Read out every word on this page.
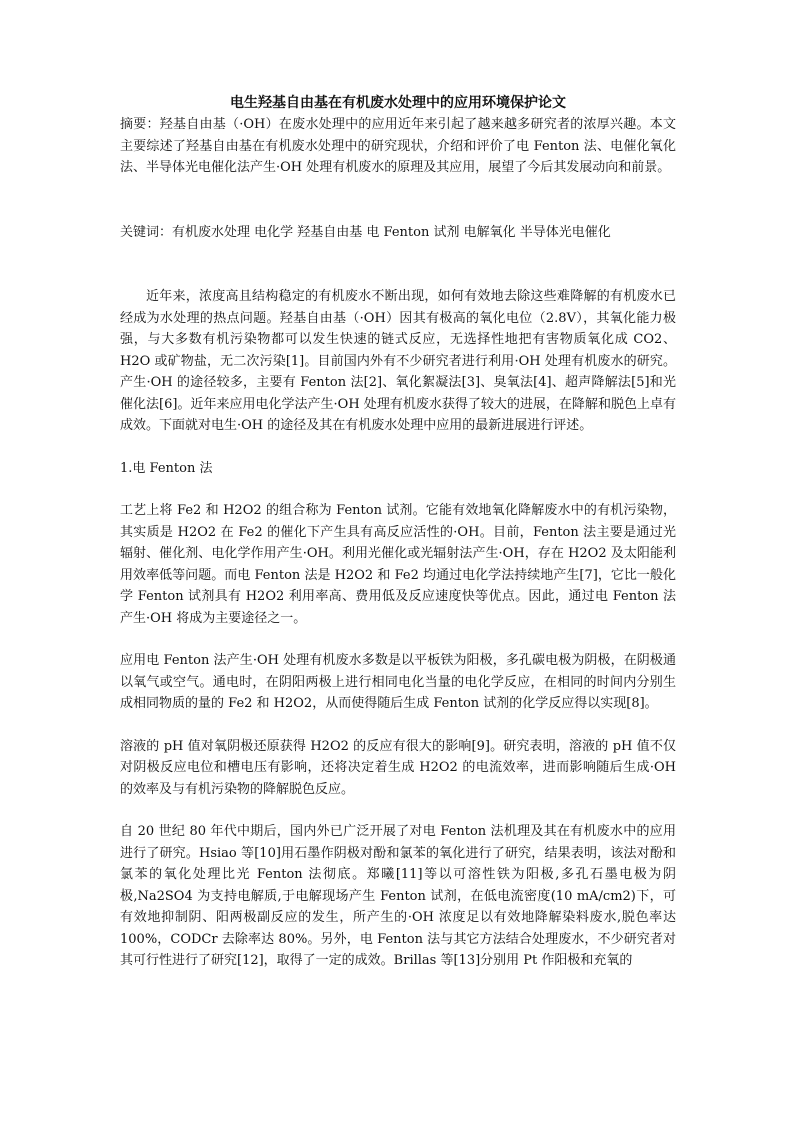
电生羟基自由基在有机废水处理中的应用环境保护论文

摘要：羟基自由基（·OH）在废水处理中的应用近年来引起了越来越多研究者的浓厚兴趣。本文主要综述了羟基自由基在有机废水处理中的研究现状，介绍和评价了电 Fenton 法、电催化氧化法、半导体光电催化法产生·OH 处理有机废水的原理及其应用，展望了今后其发展动向和前景。

关键词：有机废水处理 电化学 羟基自由基 电 Fenton 试剂 电解氧化 半导体光电催化

近年来，浓度高且结构稳定的有机废水不断出现，如何有效地去除这些难降解的有机废水已经成为水处理的热点问题。羟基自由基（·OH）因其有极高的氧化电位（2.8V），其氧化能力极强，与大多数有机污染物都可以发生快速的链式反应，无选择性地把有害物质氧化成 CO2、H2O 或矿物盐，无二次污染[1]。目前国内外有不少研究者进行利用·OH 处理有机废水的研究。产生·OH 的途径较多，主要有 Fenton 法[2]、氧化絮凝法[3]、臭氧法[4]、超声降解法[5]和光催化法[6]。近年来应用电化学法产生·OH 处理有机废水获得了较大的进展，在降解和脱色上卓有成效。下面就对电生·OH 的途径及其在有机废水处理中应用的最新进展进行评述。

1.电 Fenton 法

工艺上将 Fe2 和 H2O2 的组合称为 Fenton 试剂。它能有效地氧化降解废水中的有机污染物，其实质是 H2O2 在 Fe2 的催化下产生具有高反应活性的·OH。目前，Fenton 法主要是通过光辐射、催化剂、电化学作用产生·OH。利用光催化或光辐射法产生·OH，存在 H2O2 及太阳能利用效率低等问题。而电 Fenton 法是 H2O2 和 Fe2 均通过电化学法持续地产生[7]，它比一般化学 Fenton 试剂具有 H2O2 利用率高、费用低及反应速度快等优点。因此，通过电 Fenton 法产生·OH 将成为主要途径之一。

应用电 Fenton 法产生·OH 处理有机废水多数是以平板铁为阳极，多孔碳电极为阴极，在阴极通以氧气或空气。通电时，在阴阳两极上进行相同电化当量的电化学反应，在相同的时间内分别生成相同物质的量的 Fe2 和 H2O2，从而使得随后生成 Fenton 试剂的化学反应得以实现[8]。

溶液的 pH 值对氧阴极还原获得 H2O2 的反应有很大的影响[9]。研究表明，溶液的 pH 值不仅对阴极反应电位和槽电压有影响，还将决定着生成 H2O2 的电流效率，进而影响随后生成·OH 的效率及与有机污染物的降解脱色反应。

自 20 世纪 80 年代中期后，国内外已广泛开展了对电 Fenton 法机理及其在有机废水中的应用进行了研究。Hsiao 等[10]用石墨作阴极对酚和氯苯的氧化进行了研究，结果表明，该法对酚和氯苯的氧化处理比光 Fenton 法彻底。郑曦[11]等以可溶性铁为阳极,多孔石墨电极为阴极,Na2SO4 为支持电解质,于电解现场产生 Fenton 试剂，在低电流密度(10 mA/cm2)下，可有效地抑制阴、阳两极副反应的发生，所产生的·OH 浓度足以有效地降解染料废水,脱色率达 100%，CODCr 去除率达 80%。另外，电 Fenton 法与其它方法结合处理废水，不少研究者对其可行性进行了研究[12]，取得了一定的成效。Brillas 等[13]分别用 Pt 作阳极和充氧的
